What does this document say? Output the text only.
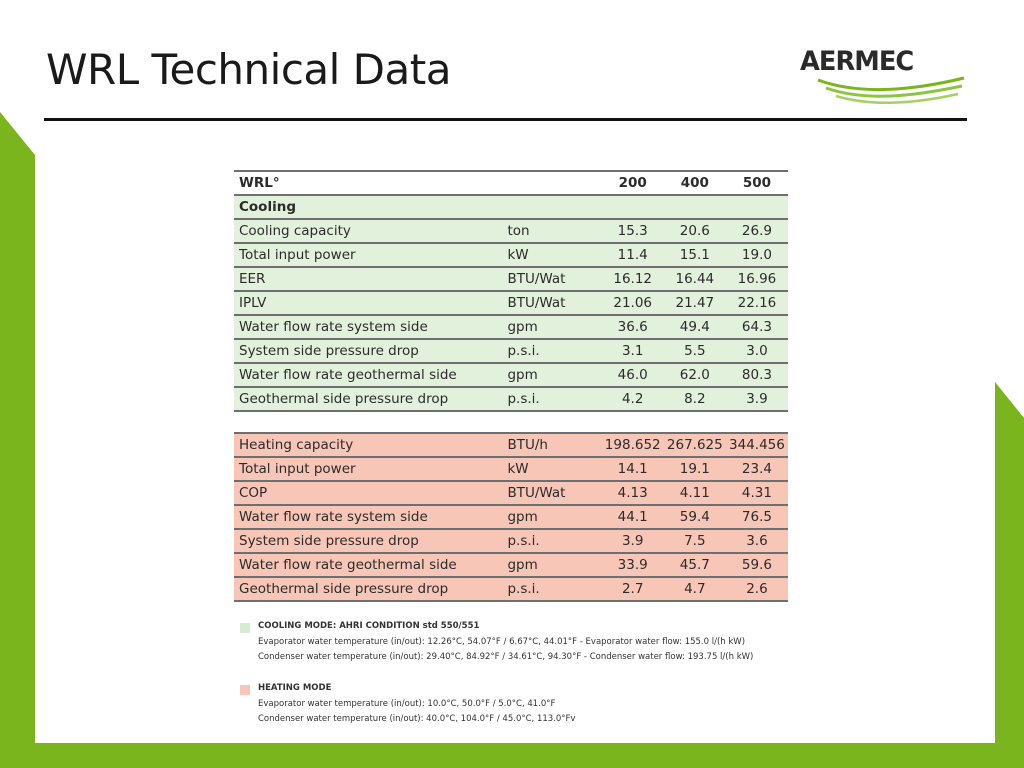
WRL Technical Data	AERMEC
WRL°		200	400	500
Cooling				
Cooling capacity	ton	15.3	20.6	26.9
Total input power	kW	11.4	15.1	19.0
EER	BTU/Wat	16.12	16.44	16.96
IPLV	BTU/Wat	21.06	21.47	22.16
Water flow rate system side	gpm	36.6	49.4	64.3
System side pressure drop	p.s.i.	3.1	5.5	3.0
Water flow rate geothermal side	gpm	46.0	62.0	80.3
Geothermal side pressure drop	p.s.i.	4.2	8.2	3.9

Heating capacity	BTU/h	198.652	267.625	344.456
Total input power	kW	14.1	19.1	23.4
COP	BTU/Wat	4.13	4.11	4.31
Water flow rate system side	gpm	44.1	59.4	76.5
System side pressure drop	p.s.i.	3.9	7.5	3.6
Water flow rate geothermal side	gpm	33.9	45.7	59.6
Geothermal side pressure drop	p.s.i.	2.7	4.7	2.6
COOLING MODE: AHRI CONDITION std 550/551
Evaporator water temperature (in/out): 12.26°C, 54.07°F / 6.67°C, 44.01°F - Evaporator water flow: 155.0 l/(h kW)
Condenser water temperature (in/out): 29.40°C, 84.92°F / 34.61°C, 94.30°F - Condenser water flow: 193.75 l/(h kW)
HEATING MODE
Evaporator water temperature (in/out): 10.0°C, 50.0°F / 5.0°C, 41.0°F
Condenser water temperature (in/out): 40.0°C, 104.0°F / 45.0°C, 113.0°Fv
